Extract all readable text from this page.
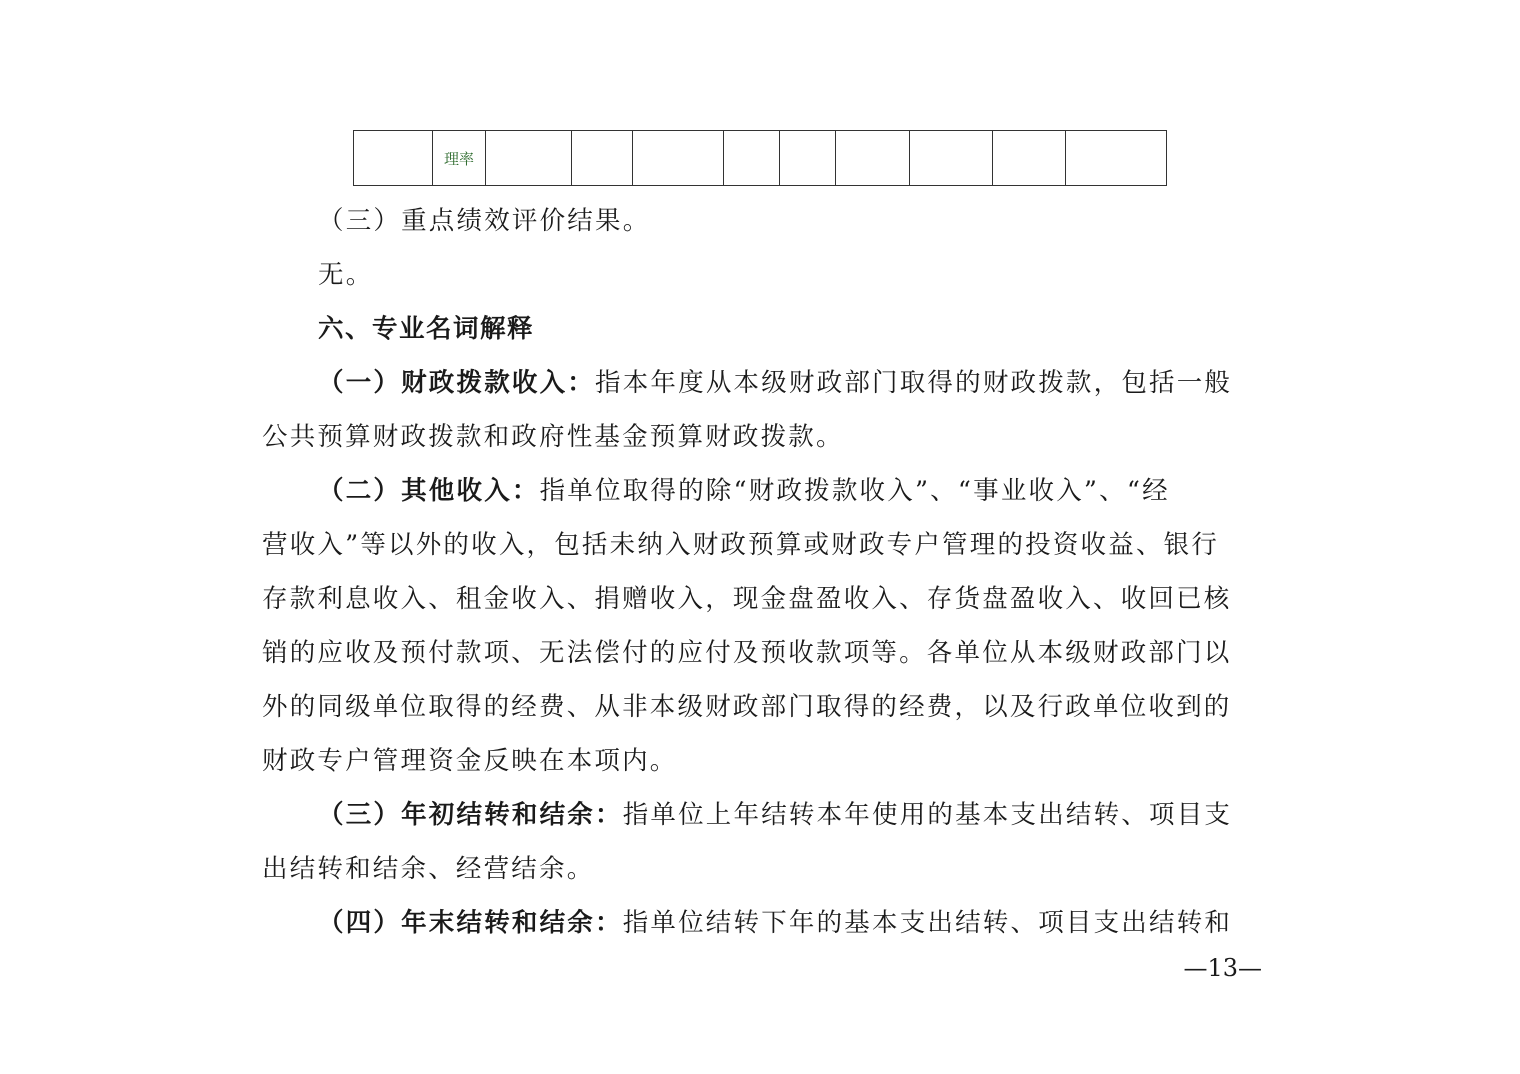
	理率									

（三）重点绩效评价结果。

无。

六、专业名词解释

（一）财政拨款收入：指本年度从本级财政部门取得的财政拨款，包括一般

公共预算财政拨款和政府性基金预算财政拨款。

（二）其他收入：指单位取得的除“财政拨款收入”、“事业收入”、“经

营收入”等以外的收入，包括未纳入财政预算或财政专户管理的投资收益、银行

存款利息收入、租金收入、捐赠收入，现金盘盈收入、存货盘盈收入、收回已核

销的应收及预付款项、无法偿付的应付及预收款项等。各单位从本级财政部门以

外的同级单位取得的经费、从非本级财政部门取得的经费，以及行政单位收到的

财政专户管理资金反映在本项内。

（三）年初结转和结余：指单位上年结转本年使用的基本支出结转、项目支

出结转和结余、经营结余。

（四）年末结转和结余：指单位结转下年的基本支出结转、项目支出结转和

—13—
